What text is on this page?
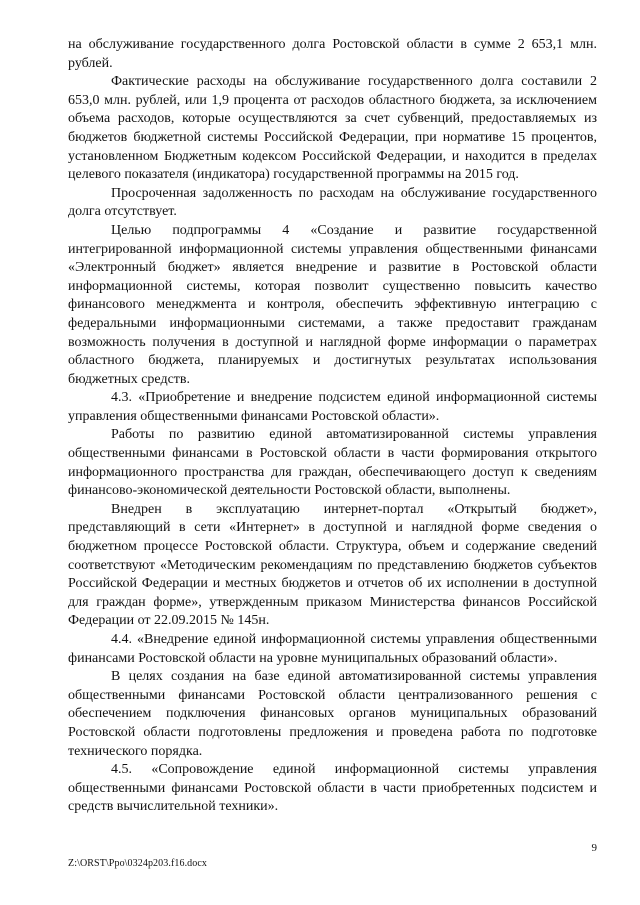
на обслуживание государственного долга Ростовской области в сумме 2 653,1 млн. рублей.

Фактические расходы на обслуживание государственного долга составили 2 653,0 млн. рублей, или 1,9 процента от расходов областного бюджета, за исключением объема расходов, которые осуществляются за счет субвенций, предоставляемых из бюджетов бюджетной системы Российской Федерации, при нормативе 15 процентов, установленном Бюджетным кодексом Российской Федерации, и находится в пределах целевого показателя (индикатора) государственной программы на 2015 год.

Просроченная задолженность по расходам на обслуживание государственного долга отсутствует.

Целью подпрограммы 4 «Создание и развитие государственной интегрированной информационной системы управления общественными финансами «Электронный бюджет» является внедрение и развитие в Ростовской области информационной системы, которая позволит существенно повысить качество финансового менеджмента и контроля, обеспечить эффективную интеграцию с федеральными информационными системами, а также предоставит гражданам возможность получения в доступной и наглядной форме информации о параметрах областного бюджета, планируемых и достигнутых результатах использования бюджетных средств.

4.3. «Приобретение и внедрение подсистем единой информационной системы управления общественными финансами Ростовской области».

Работы по развитию единой автоматизированной системы управления общественными финансами в Ростовской области в части формирования открытого информационного пространства для граждан, обеспечивающего доступ к сведениям финансово-экономической деятельности Ростовской области, выполнены.

Внедрен в эксплуатацию интернет-портал «Открытый бюджет», представляющий в сети «Интернет» в доступной и наглядной форме сведения о бюджетном процессе Ростовской области. Структура, объем и содержание сведений соответствуют «Методическим рекомендациям по представлению бюджетов субъектов Российской Федерации и местных бюджетов и отчетов об их исполнении в доступной для граждан форме», утвержденным приказом Министерства финансов Российской Федерации от 22.09.2015 № 145н.

4.4. «Внедрение единой информационной системы управления общественными финансами Ростовской области на уровне муниципальных образований области».

В целях создания на базе единой автоматизированной системы управления общественными финансами Ростовской области централизованного решения с обеспечением подключения финансовых органов муниципальных образований Ростовской области подготовлены предложения и проведена работа по подготовке технического порядка.

4.5. «Сопровождение единой информационной системы управления общественными финансами Ростовской области в части приобретенных подсистем и средств вычислительной техники».

9
Z:\ORST\Ppo\0324p203.f16.docx
